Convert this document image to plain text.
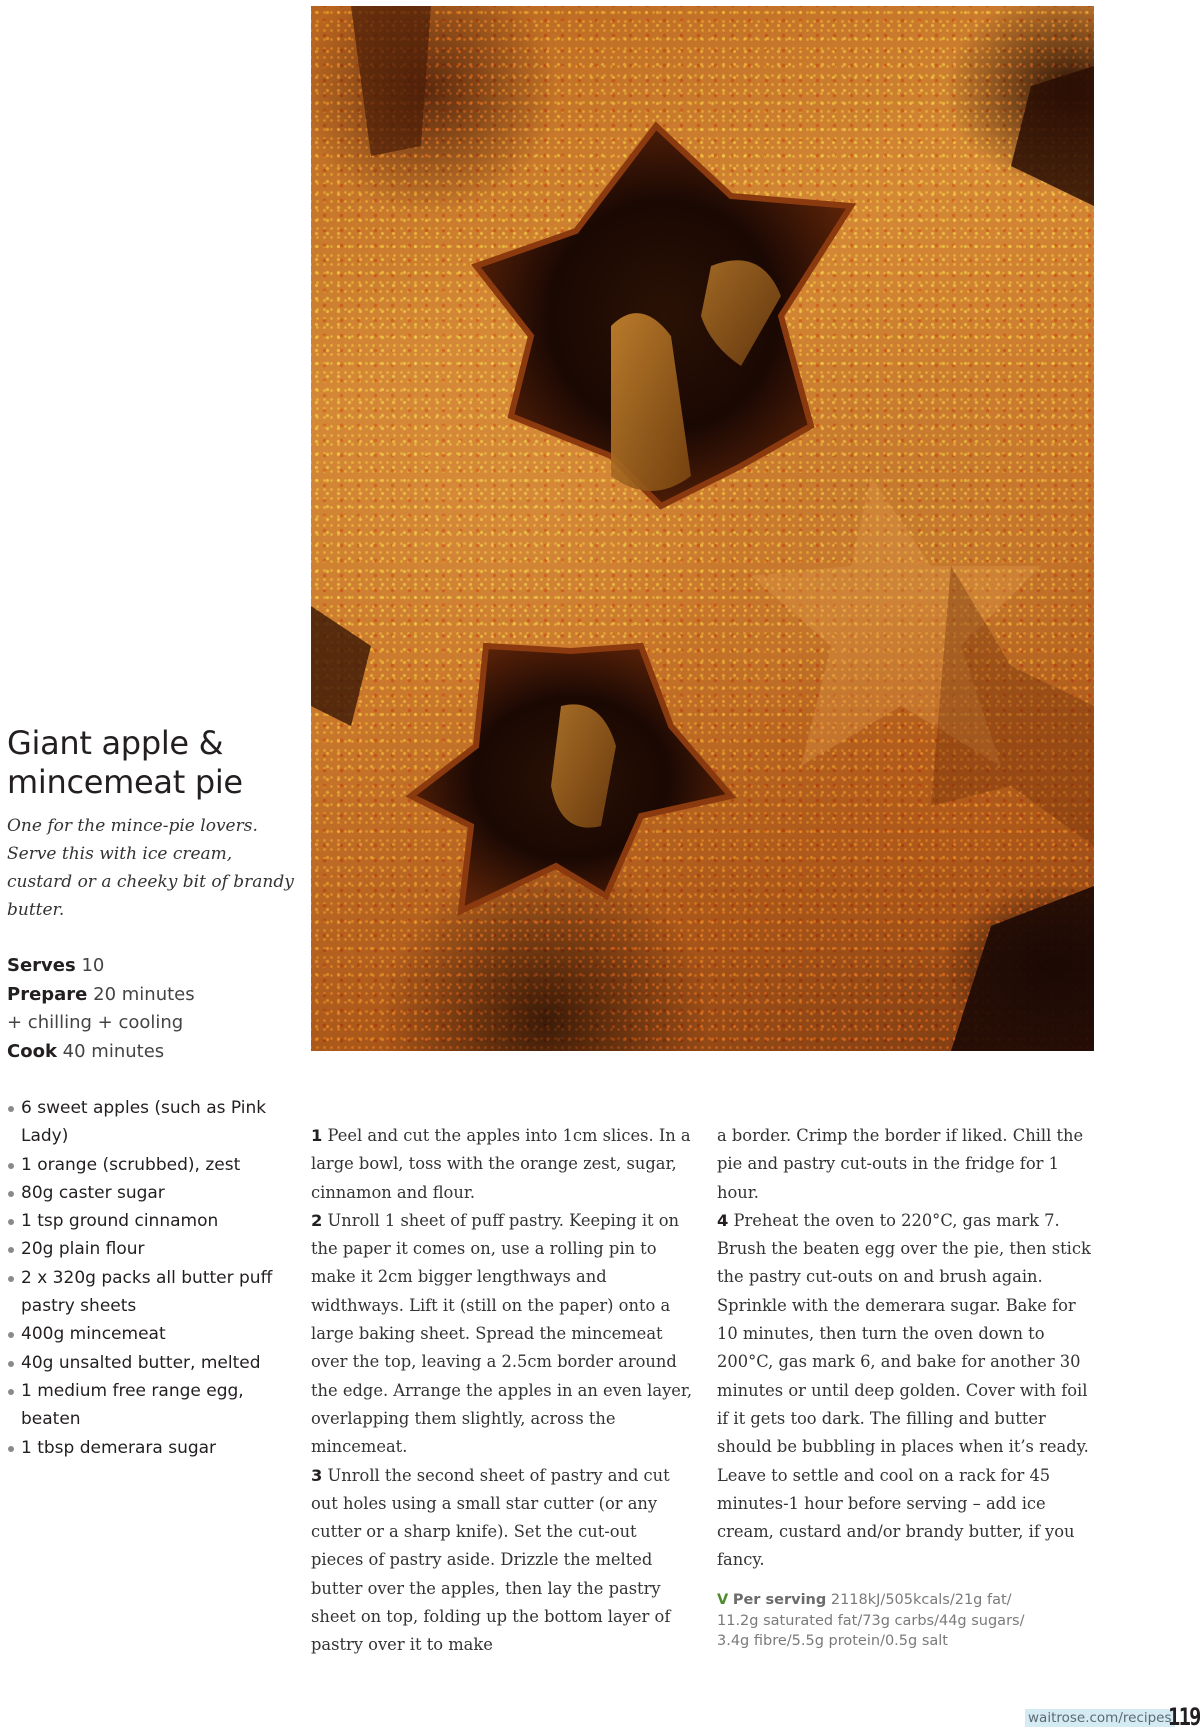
Giant apple & mincemeat pie

One for the mince-pie lovers. Serve this with ice cream, custard or a cheeky bit of brandy butter.

Serves 10
Prepare 20 minutes
+ chilling + cooling
Cook 40 minutes
6 sweet apples (such as Pink Lady)
1 orange (scrubbed), zest
80g caster sugar
1 tsp ground cinnamon
20g plain flour
2 x 320g packs all butter puff pastry sheets
400g mincemeat
40g unsalted butter, melted
1 medium free range egg, beaten
1 tbsp demerara sugar

1 Peel and cut the apples into 1cm slices. In a large bowl, toss with the orange zest, sugar, cinnamon and flour.

2 Unroll 1 sheet of puff pastry. Keeping it on the paper it comes on, use a rolling pin to make it 2cm bigger lengthways and widthways. Lift it (still on the paper) onto a large baking sheet. Spread the mincemeat over the top, leaving a 2.5cm border around the edge. Arrange the apples in an even layer, overlapping them slightly, across the mincemeat.

3 Unroll the second sheet of pastry and cut out holes using a small star cutter (or any cutter or a sharp knife). Set the cut-out pieces of pastry aside. Drizzle the melted butter over the apples, then lay the pastry sheet on top, folding up the bottom layer of pastry over it to make

a border. Crimp the border if liked. Chill the pie and pastry cut-outs in the fridge for 1 hour.

4 Preheat the oven to 220°C, gas mark 7. Brush the beaten egg over the pie, then stick the pastry cut-outs on and brush again. Sprinkle with the demerara sugar. Bake for 10 minutes, then turn the oven down to 200°C, gas mark 6, and bake for another 30 minutes or until deep golden. Cover with foil if it gets too dark. The filling and butter should be bubbling in places when it’s ready. Leave to settle and cool on a rack for 45 minutes-1 hour before serving – add ice cream, custard and/or brandy butter, if you fancy.

V Per serving 2118kJ/505kcals/21g fat/
11.2g saturated fat/73g carbs/44g sugars/
3.4g fibre/5.5g protein/0.5g salt
waitrose.com/recipes
119
